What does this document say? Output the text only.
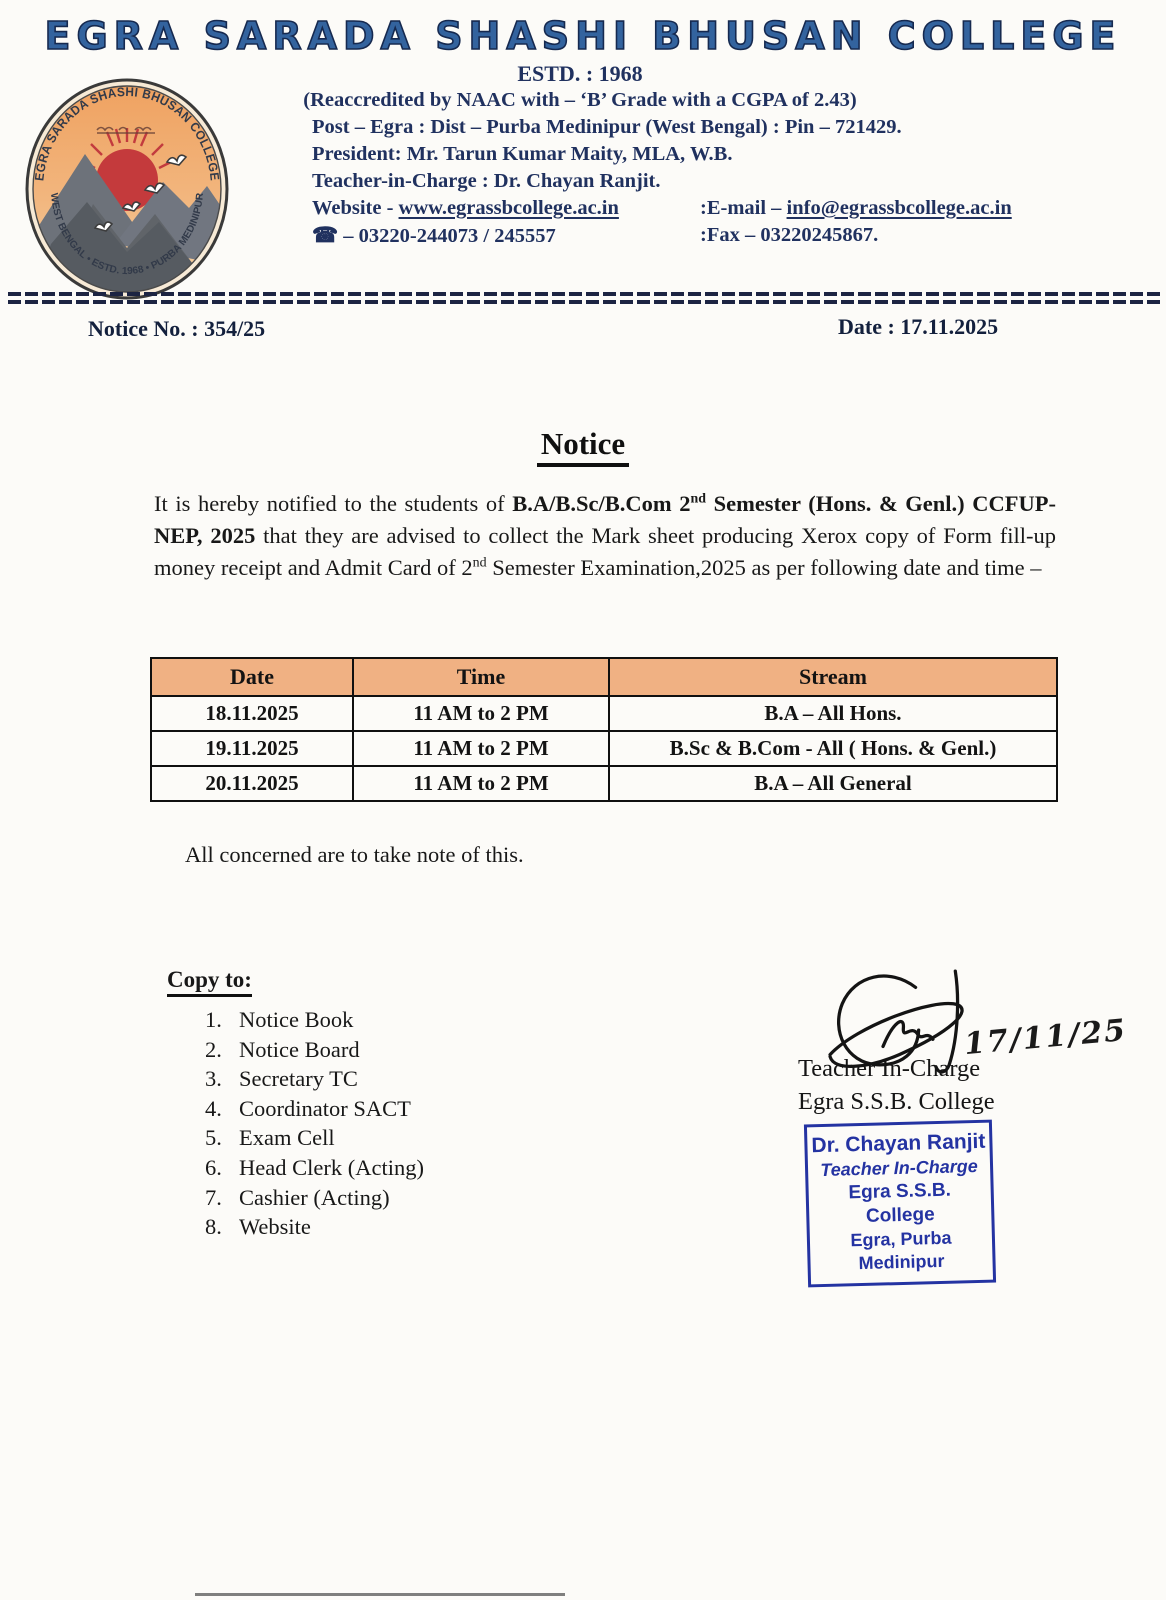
EGRA SARADA SHASHI BHUSAN COLLEGE
EGRA SARADA SHASHI BHUSAN COLLEGE
WEST BENGAL • ESTD. 1968 • PURBA MEDINIPUR
ESTD. : 1968
(Reaccredited by NAAC with – ‘B’ Grade with a CGPA of 2.43)
Post – Egra : Dist – Purba Medinipur (West Bengal) : Pin – 721429.
President: Mr. Tarun Kumar Maity, MLA, W.B.
Teacher-in-Charge : Dr. Chayan Ranjit.
Website - www.egrassbcollege.ac.in	:E-mail – info@egrassbcollege.ac.in
☎ – 03220-244073 / 245557	:Fax – 03220245867.
Notice No. : 354/25	Date : 17.11.2025
Notice
It is hereby notified to the students of B.A/B.Sc/B.Com 2nd Semester (Hons. & Genl.) CCFUP-NEP, 2025 that they are advised to collect the Mark sheet producing Xerox copy of Form fill-up money receipt and Admit Card of 2nd Semester Examination,2025 as per following date and time –
Date	Time	Stream
18.11.2025	11 AM to 2 PM	B.A – All Hons.
19.11.2025	11 AM to 2 PM	B.Sc & B.Com - All ( Hons. & Genl.)
20.11.2025	11 AM to 2 PM	B.A – All General
All concerned are to take note of this.
Copy to:
1. Notice Book
2. Notice Board
3. Secretary TC
4. Coordinator SACT
5. Exam Cell
6. Head Clerk (Acting)
7. Cashier (Acting)
8. Website
17/11/25
Teacher In-Charge
Egra S.S.B. College
Dr. Chayan Ranjit
Teacher In-Charge
Egra S.S.B. College
Egra, Purba Medinipur
